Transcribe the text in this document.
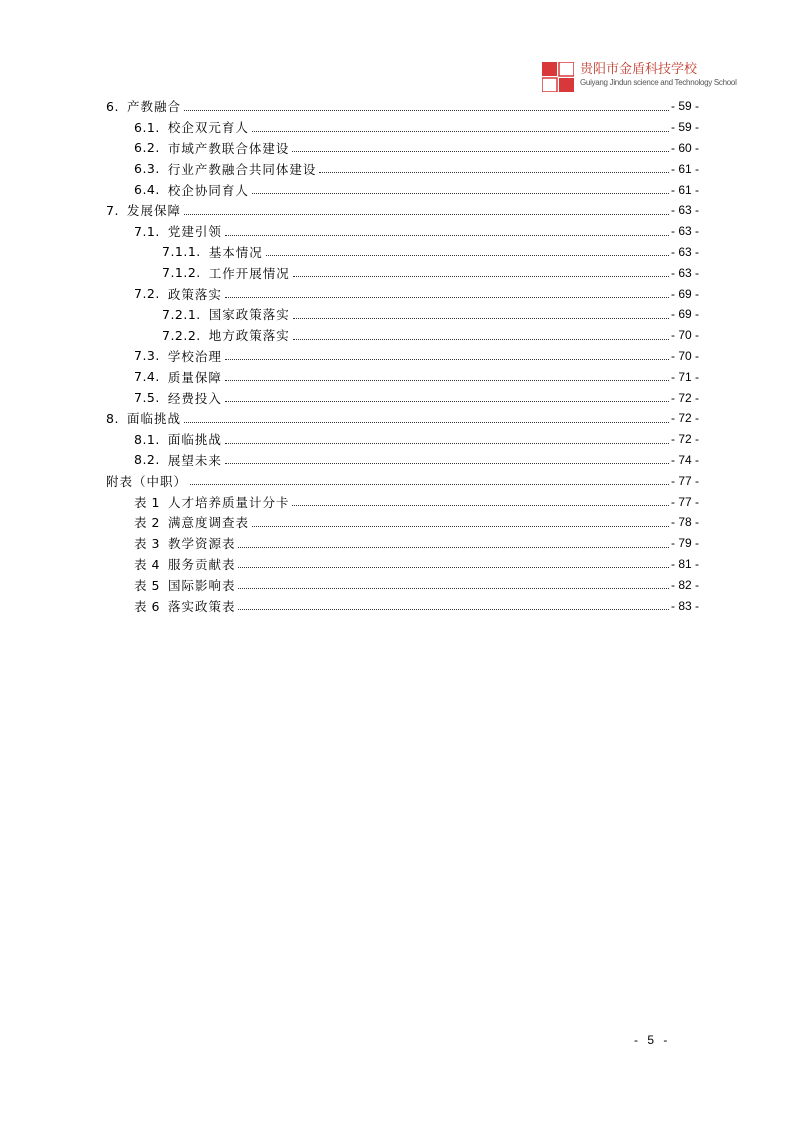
贵阳市金盾科技学校
Guiyang Jindun science and Technology School
6. 产教融合	- 59 -
6.1. 校企双元育人	- 59 -
6.2. 市域产教联合体建设	- 60 -
6.3. 行业产教融合共同体建设	- 61 -
6.4. 校企协同育人	- 61 -
7. 发展保障	- 63 -
7.1. 党建引领	- 63 -
7.1.1. 基本情况	- 63 -
7.1.2. 工作开展情况	- 63 -
7.2. 政策落实	- 69 -
7.2.1. 国家政策落实	- 69 -
7.2.2. 地方政策落实	- 70 -
7.3. 学校治理	- 70 -
7.4. 质量保障	- 71 -
7.5. 经费投入	- 72 -
8. 面临挑战	- 72 -
8.1. 面临挑战	- 72 -
8.2. 展望未来	- 74 -
附表（中职）	- 77 -
表 1 人才培养质量计分卡	- 77 -
表 2 满意度调查表	- 78 -
表 3 教学资源表	- 79 -
表 4 服务贡献表	- 81 -
表 5 国际影响表	- 82 -
表 6 落实政策表	- 83 -
- 5 -
